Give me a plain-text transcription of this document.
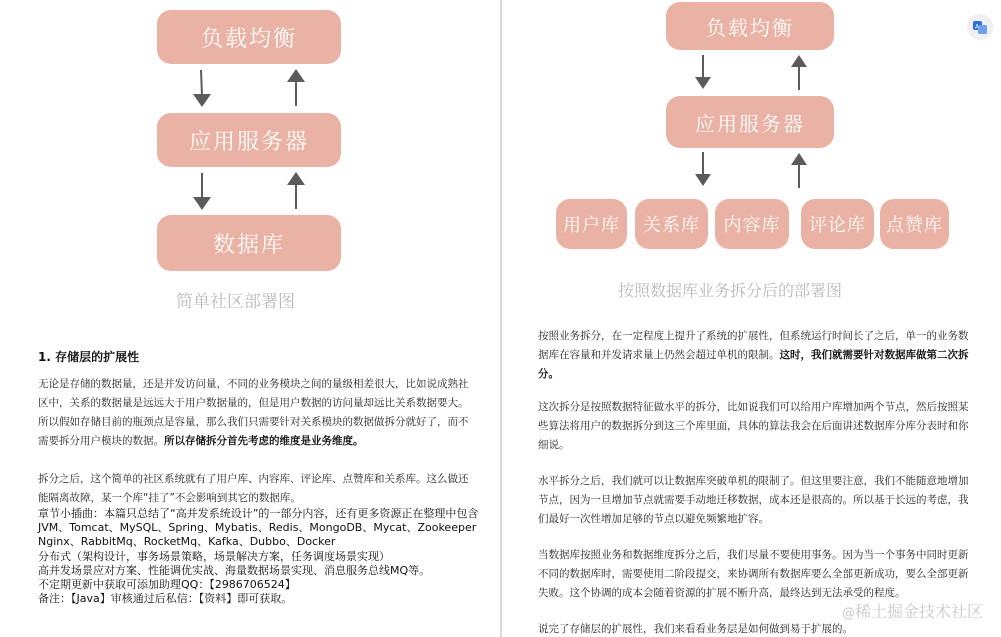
负载均衡
应用服务器
数据库
简单社区部署图
1. 存储层的扩展性
无论是存储的数据量，还是并发访问量，不同的业务模块之间的量级相差很大，比如说成熟社区中，关系的数据量是远远大于用户数据量的，但是用户数据的访问量却远比关系数据要大。所以假如存储目前的瓶颈点是容量，那么我们只需要针对关系模块的数据做拆分就好了，而不需要拆分用户模块的数据。所以存储拆分首先考虑的维度是业务维度。
拆分之后，这个简单的社区系统就有了用户库、内容库、评论库、点赞库和关系库。这么做还能隔离故障，某一个库“挂了”不会影响到其它的数据库。
章节小插曲：本篇只总结了“高并发系统设计”的一部分内容，还有更多资源正在整理中包含
JVM、Tomcat、MySQL、Spring、Mybatis、Redis、MongoDB、Mycat、Zookeeper
Nginx、RabbitMq、RocketMq、Kafka、Dubbo、Docker
分布式（架构设计，事务场景策略，场景解决方案，任务调度场景实现）
高并发场景应对方案、性能调优实战、海量数据场景实现、消息服务总线MQ等。
不定期更新中获取可添加助理QQ：【2986706524】
备注：【Java】审核通过后私信：【资料】即可获取。
负载均衡
应用服务器
用户库	关系库	内容库	评论库	点赞库
按照数据库业务拆分后的部署图
按照业务拆分，在一定程度上提升了系统的扩展性，但系统运行时间长了之后，单一的业务数据库在容量和并发请求量上仍然会超过单机的限制。这时，我们就需要针对数据库做第二次拆分。
这次拆分是按照数据特征做水平的拆分，比如说我们可以给用户库增加两个节点，然后按照某些算法将用户的数据拆分到这三个库里面，具体的算法我会在后面讲述数据库分库分表时和你细说。
水平拆分之后，我们就可以让数据库突破单机的限制了。但这里要注意，我们不能随意地增加节点，因为一旦增加节点就需要手动地迁移数据，成本还是很高的。所以基于长远的考虑，我们最好一次性增加足够的节点以避免频繁地扩容。
当数据库按照业务和数据维度拆分之后，我们尽量不要使用事务。因为当一个事务中同时更新不同的数据库时，需要使用二阶段提交，来协调所有数据库要么全部更新成功，要么全部更新失败。这个协调的成本会随着资源的扩展不断升高，最终达到无法承受的程度。
说完了存储层的扩展性，我们来看看业务层是如何做到易于扩展的。
A
@稀土掘金技术社区
